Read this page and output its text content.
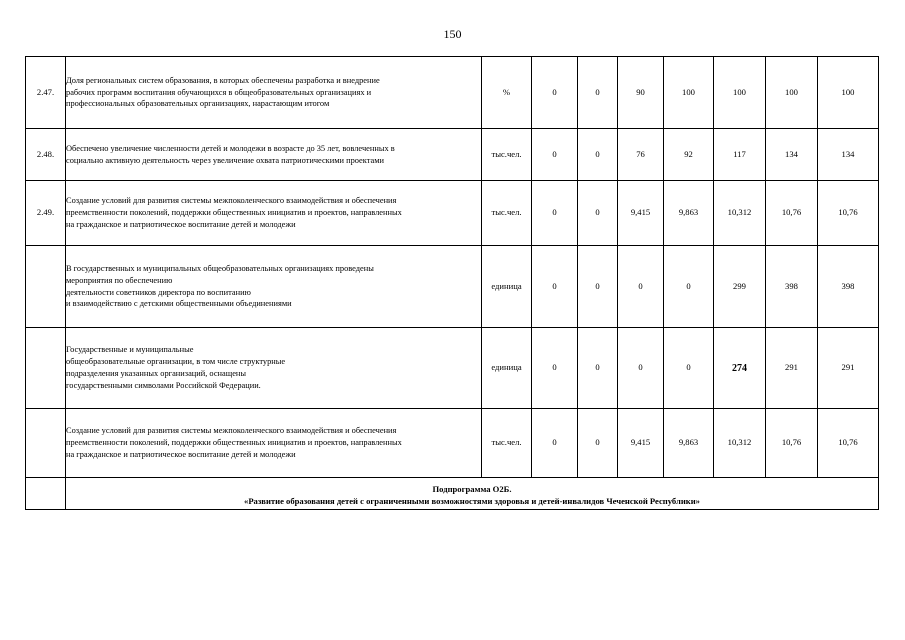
150
2.47.	Доля региональных систем образования, в которых обеспечены разработка и внедрение
рабочих программ воспитания обучающихся в общеобразовательных организациях и
профессиональных образовательных организациях, нарастающим итогом	%	0	0	90	100	100	100	100
2.48.	Обеспечено увеличение численности детей и молодежи в возрасте до 35 лет, вовлеченных в
социально активную деятельность через увеличение охвата патриотическими проектами	тыс.чел.	0	0	76	92	117	134	134
2.49.	Создание условий для развития системы межпоколенческого взаимодействия и обеспечения
преемственности поколений, поддержки общественных инициатив и проектов, направленных
на гражданское и патриотическое воспитание детей и молодежи	тыс.чел.	0	0	9,415	9,863	10,312	10,76	10,76
	В государственных и муниципальных общеобразовательных организациях проведены
мероприятия по обеспечению
деятельности советников директора по воспитанию
и взаимодействию с детскими общественными объединениями	единица	0	0	0	0	299	398	398
	Государственные и муниципальные
общеобразовательные организации, в том числе структурные
подразделения указанных организаций, оснащены
государственными символами Российской Федерации.	единица	0	0	0	0	274	291	291
	Создание условий для развития системы межпоколенческого взаимодействия и обеспечения
преемственности поколений, поддержки общественных инициатив и проектов, направленных
на гражданское и патриотическое воспитание детей и молодежи	тыс.чел.	0	0	9,415	9,863	10,312	10,76	10,76

	Подпрограмма О2Б.
«Развитие образования детей с ограниченными возможностями здоровья и детей-инвалидов Чеченской Республики»								
